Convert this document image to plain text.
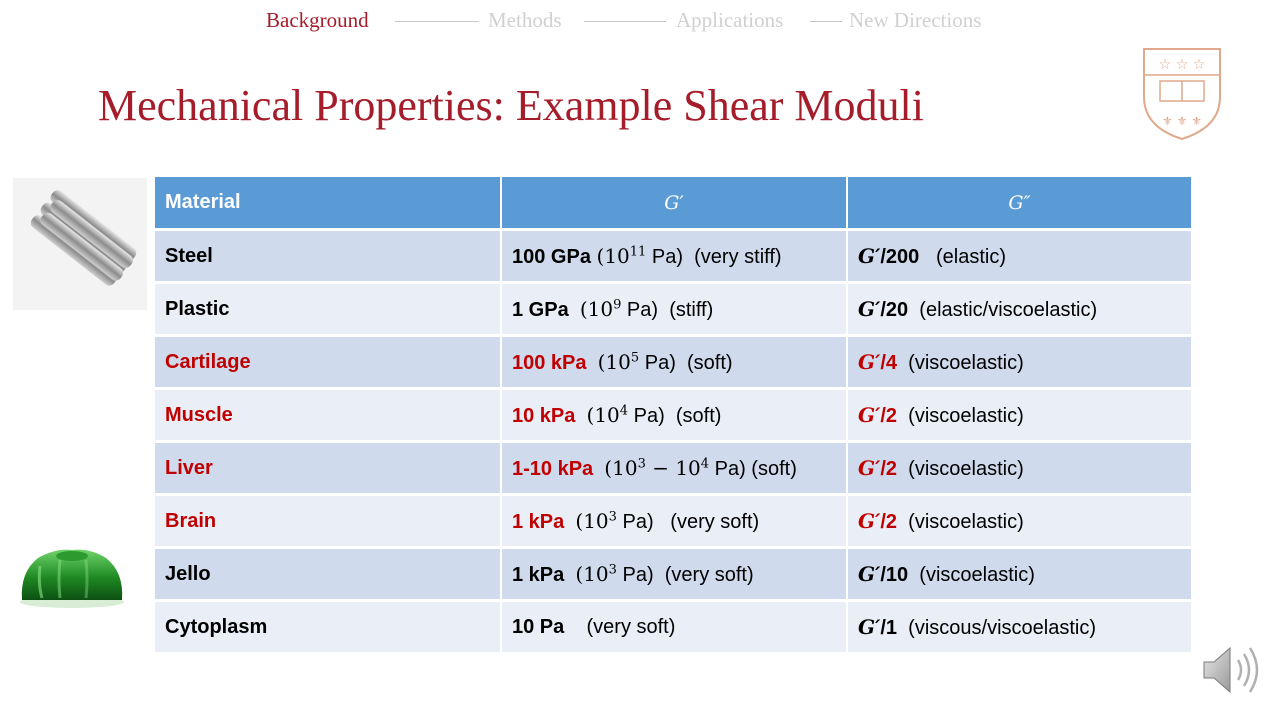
Background	Methods	Applications	New Directions
Mechanical Properties: Example Shear Moduli
☆ ☆ ☆
⚜ ⚜ ⚜
Material	G′	G″
Steel	100 GPa ($10^{11}$ Pa) (very stiff)	G′/200 (elastic)
Plastic	1 GPa ($10^9$ Pa) (stiff)	G′/20 (elastic/viscoelastic)
Cartilage	100 kPa ($10^5$ Pa) (soft)	G′/4 (viscoelastic)
Muscle	10 kPa ($10^4$ Pa) (soft)	G′/2 (viscoelastic)
Liver	1-10 kPa ($10^3 - 10^4$ Pa) (soft)	G′/2 (viscoelastic)
Brain	1 kPa ($10^3$ Pa) (very soft)	G′/2 (viscoelastic)
Jello	1 kPa ($10^3$ Pa) (very soft)	G′/10 (viscoelastic)
Cytoplasm	10 Pa (very soft)	G′/1 (viscous/viscoelastic)
